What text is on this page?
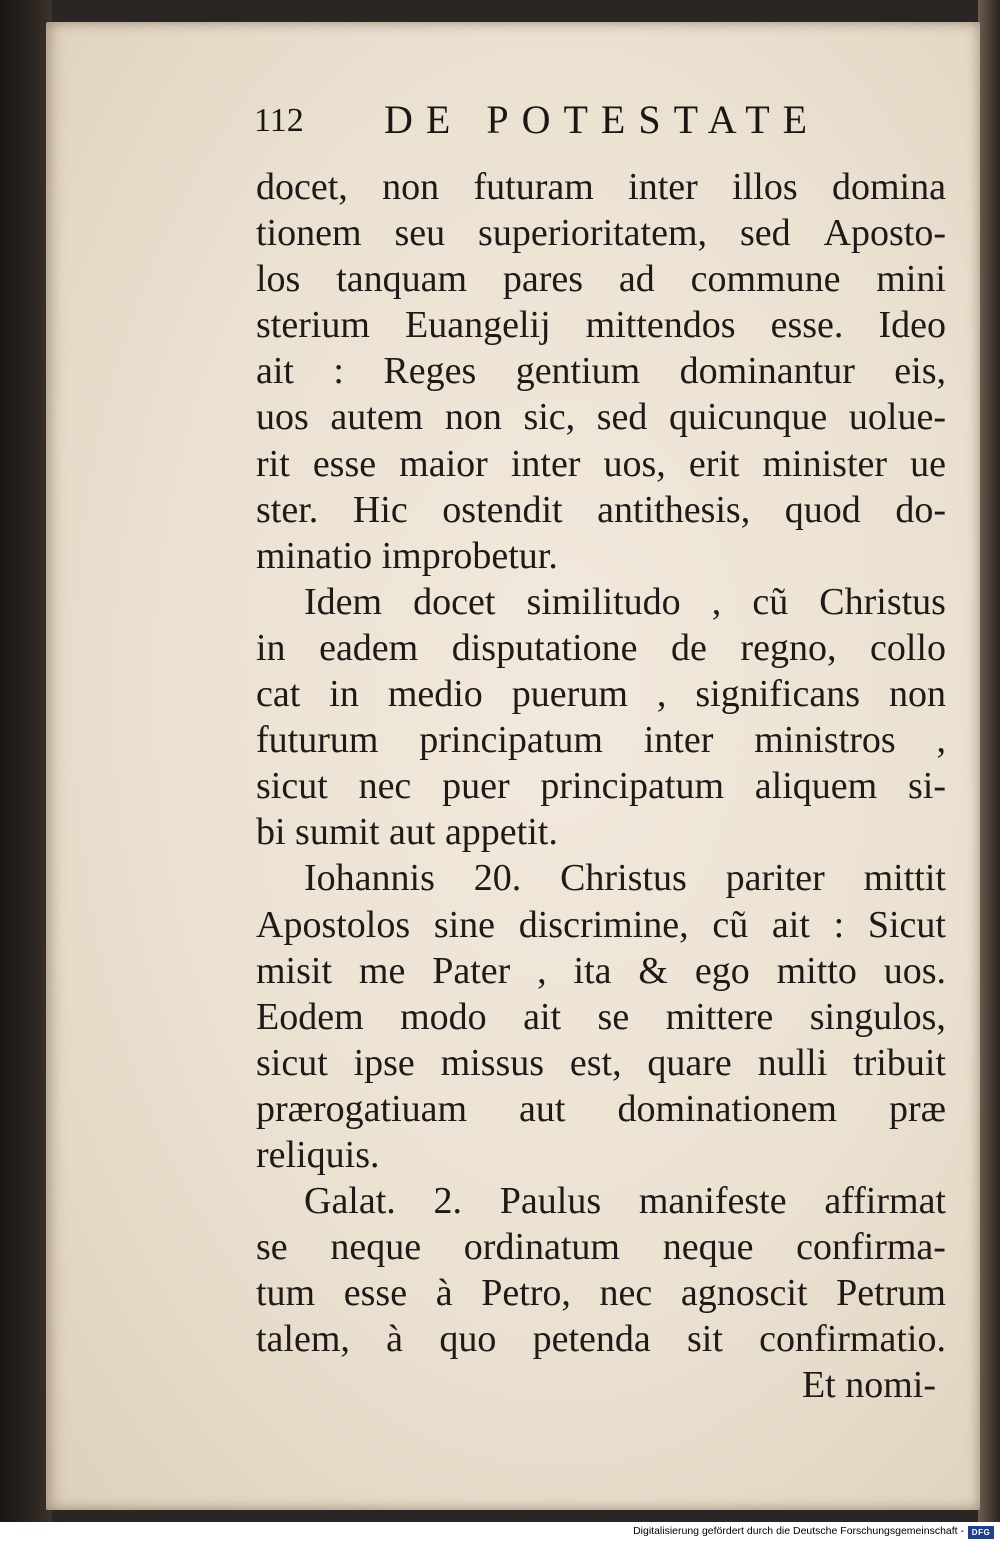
112 DE POTESTATE
docet, non futuram inter illos domina
tionem seu superioritatem, sed Aposto-
los tanquam pares ad commune mini
sterium Euangelij mittendos esse. Ideo
ait : Reges gentium dominantur eis,
uos autem non sic, sed quicunque uolue-
rit esse maior inter uos, erit minister ue
ster. Hic ostendit antithesis, quod do-
minatio improbetur.
Idem docet similitudo , cũ Christus
in eadem disputatione de regno, collo
cat in medio puerum , significans non
futurum principatum inter ministros ,
sicut nec puer principatum aliquem si-
bi sumit aut appetit.
Iohannis 20. Christus pariter mittit
Apostolos sine discrimine, cũ ait : Sicut
misit me Pater , ita & ego mitto uos.
Eodem modo ait se mittere singulos,
sicut ipse missus est, quare nulli tribuit
prærogatiuam aut dominationem præ
reliquis.
Galat. 2. Paulus manifeste affirmat
se neque ordinatum neque confirma-
tum esse à Petro, nec agnoscit Petrum
talem, à quo petenda sit confirmatio.
Et nomi-
Digitalisierung gefördert durch die Deutsche Forschungsgemeinschaft - DFG
